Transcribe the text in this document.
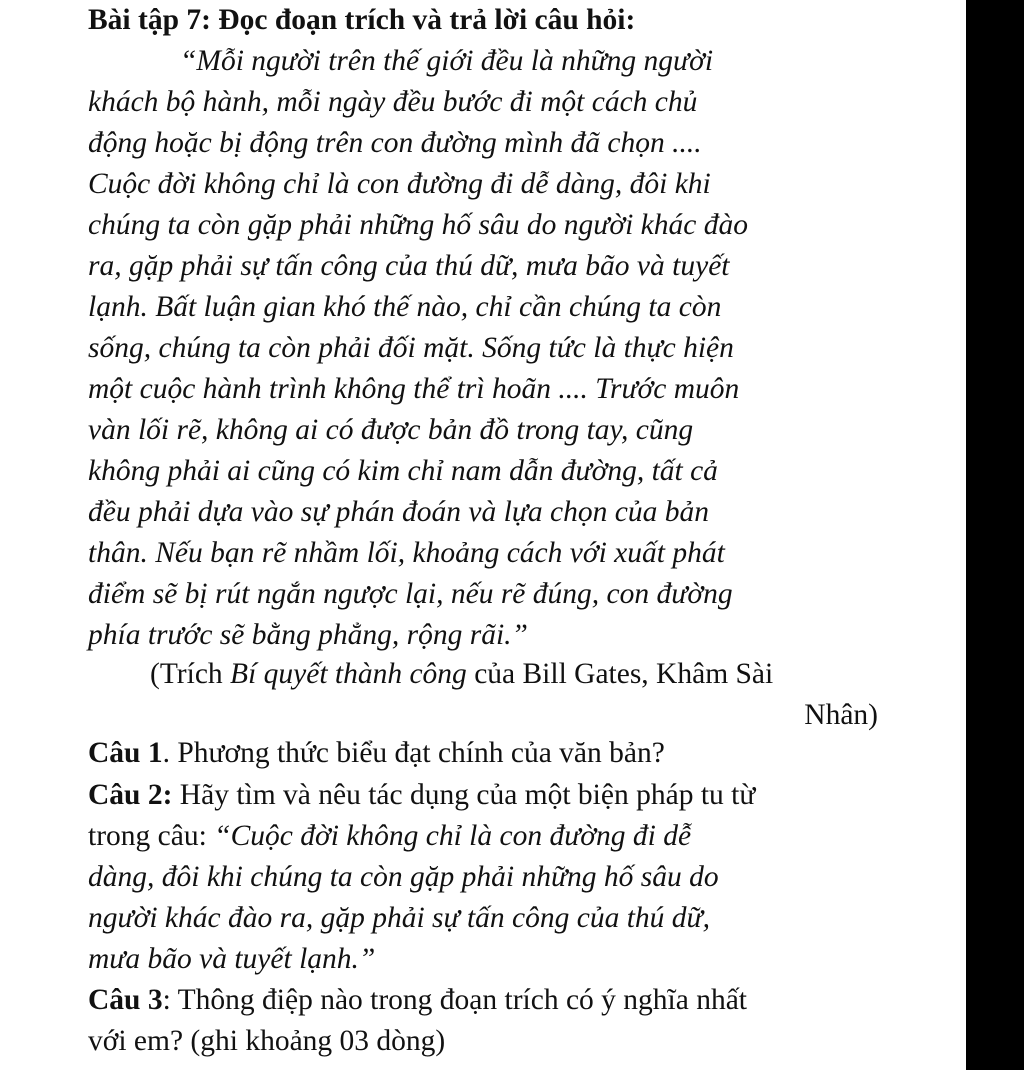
Bài tập 7: Đọc đoạn trích và trả lời câu hỏi:
“Mỗi người trên thế giới đều là những người
khách bộ hành, mỗi ngày đều bước đi một cách chủ
động hoặc bị động trên con đường mình đã chọn ....
Cuộc đời không chỉ là con đường đi dễ dàng, đôi khi
chúng ta còn gặp phải những hố sâu do người khác đào
ra, gặp phải sự tấn công của thú dữ, mưa bão và tuyết
lạnh. Bất luận gian khó thế nào, chỉ cần chúng ta còn
sống, chúng ta còn phải đối mặt. Sống tức là thực hiện
một cuộc hành trình không thể trì hoãn .... Trước muôn
vàn lối rẽ, không ai có được bản đồ trong tay, cũng
không phải ai cũng có kim chỉ nam dẫn đường, tất cả
đều phải dựa vào sự phán đoán và lựa chọn của bản
thân. Nếu bạn rẽ nhầm lối, khoảng cách với xuất phát
điểm sẽ bị rút ngắn ngược lại, nếu rẽ đúng, con đường
phía trước sẽ bằng phẳng, rộng rãi.”
(Trích Bí quyết thành công của Bill Gates, Khâm Sài
Nhân)
Câu 1. Phương thức biểu đạt chính của văn bản?
Câu 2: Hãy tìm và nêu tác dụng của một biện pháp tu từ
trong câu: “Cuộc đời không chỉ là con đường đi dễ
dàng, đôi khi chúng ta còn gặp phải những hố sâu do
người khác đào ra, gặp phải sự tấn công của thú dữ,
mưa bão và tuyết lạnh.”
Câu 3: Thông điệp nào trong đoạn trích có ý nghĩa nhất
với em? (ghi khoảng 03 dòng)
